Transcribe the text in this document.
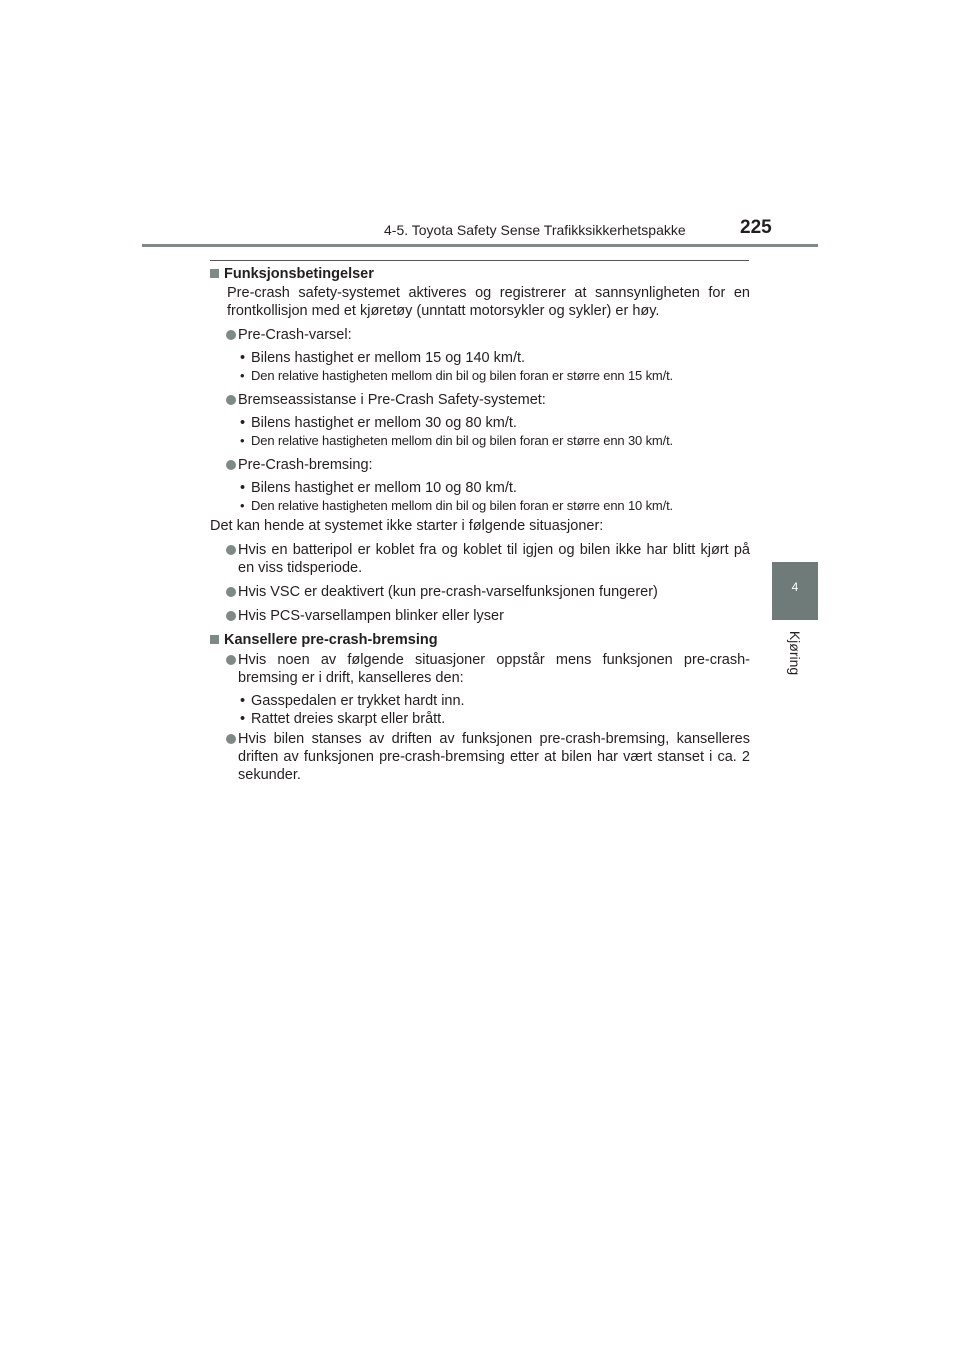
4-5. Toyota Safety Sense Trafikksikkerhetspakke	225
4
Kjøring
Funksjonsbetingelser

Pre-crash safety-systemet aktiveres og registrerer at sannsynligheten for en frontkollisjon med et kjøretøy (unntatt motorsykler og sykler) er høy.

Pre-Crash-varsel:
• Bilens hastighet er mellom 15 og 140 km/t.
• Den relative hastigheten mellom din bil og bilen foran er større enn 15 km/t.
Bremseassistanse i Pre-Crash Safety-systemet:
• Bilens hastighet er mellom 30 og 80 km/t.
• Den relative hastigheten mellom din bil og bilen foran er større enn 30 km/t.
Pre-Crash-bremsing:
• Bilens hastighet er mellom 10 og 80 km/t.
• Den relative hastigheten mellom din bil og bilen foran er større enn 10 km/t.

Det kan hende at systemet ikke starter i følgende situasjoner:

Hvis en batteripol er koblet fra og koblet til igjen og bilen ikke har blitt kjørt på en viss tidsperiode.
Hvis VSC er deaktivert (kun pre-crash-varselfunksjonen fungerer)
Hvis PCS-varsellampen blinker eller lyser
Kansellere pre-crash-bremsing
Hvis noen av følgende situasjoner oppstår mens funksjonen pre-crash-bremsing er i drift, kanselleres den:
• Gasspedalen er trykket hardt inn.
• Rattet dreies skarpt eller brått.
Hvis bilen stanses av driften av funksjonen pre-crash-bremsing, kanselleres driften av funksjonen pre-crash-bremsing etter at bilen har vært stanset i ca. 2 sekunder.
